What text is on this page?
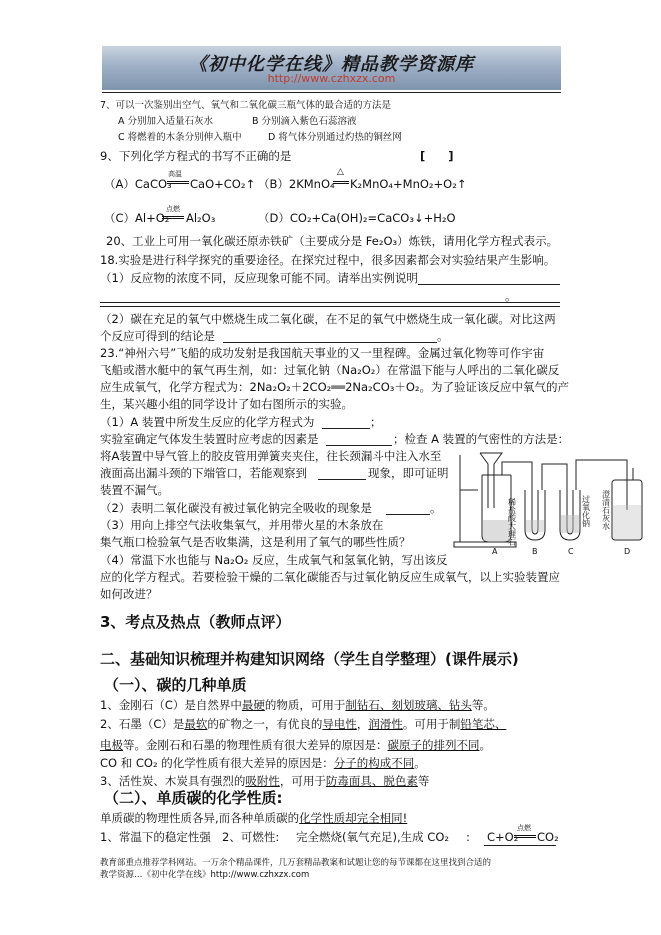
《初中化学在线》精品教学资源库
http://www.czhxzx.com
7、可以一次鉴别出空气、氧气和二氧化碳三瓶气体的最合适的方法是
A 分别加入适量石灰水	B 分别滴入紫色石蕊溶液
C 将燃着的木条分别伸入瓶中	D 将气体分别通过灼热的铜丝网
9、下列化学方程式的书写不正确的是	[　　]
（A）CaCO₃
高温
CaO+CO₂↑ （B）2KMnO₄
△
K₂MnO₄+MnO₂+O₂↑
（C）Al+O₂
点燃
Al₂O₃	（D）CO₂+Ca(OH)₂=CaCO₃↓+H₂O
20、工业上可用一氧化碳还原赤铁矿（主要成分是 Fe₂O₃）炼铁，请用化学方程式表示。
18.实验是进行科学探究的重要途径。在探究过程中，很多因素都会对实验结果产生影响。
（1）反应物的浓度不同，反应现象可能不同。请举出实例说明
。
（2）碳在充足的氧气中燃烧生成二氧化碳，在不足的氧气中燃烧生成一氧化碳。对比这两
个反应可得到的结论是	。
23.“神州六号”飞船的成功发射是我国航天事业的又一里程碑。金属过氧化物等可作宇宙
飞船或潜水艇中的氧气再生剂，如：过氧化钠（Na₂O₂）在常温下能与人呼出的二氧化碳反
应生成氧气，化学方程式为：2Na₂O₂＋2CO₂══2Na₂CO₃＋O₂。为了验证该反应中氧气的产
生，某兴趣小组的同学设计了如右图所示的实验。
（1）A 装置中所发生反应的化学方程式为	；
实验室确定气体发生装置时应考虑的因素是	；检查 A 装置的气密性的方法是：
将A装置中导气管上的胶皮管用弹簧夹夹住，往长颈漏斗中注入水至
液面高出漏斗颈的下端管口，若能观察到	现象，即可证明
装置不漏气。
（2）表明二氧化碳没有被过氧化钠完全吸收的现象是	。
（3）用向上排空气法收集氧气，并用带火星的木条放在
集气瓶口检验氧气是否收集满，这是利用了氧气的哪些性质？
（4）常温下水也能与 Na₂O₂ 反应，生成氧气和氢氧化钠，写出该反
应的化学方程式。若要检验干燥的二氧化碳能否与过氧化钠反应生成氧气，以上实验装置应
如何改进？
稀盐酸
大理石
过氧化钠 澄清石灰水
A	B	C	D
3、考点及热点（教师点评）
二、基础知识梳理并构建知识网络（学生自学整理）(课件展示)
（一）、碳的几种单质
1、金刚石（C）是自然界中最硬的物质，可用于制钻石、刻划玻璃、钻头等。
2、石墨（C）是最软的矿物之一，有优良的导电性，润滑性。可用于制铅笔芯、
电极等。金刚石和石墨的物理性质有很大差异的原因是：碳原子的排列不同。
CO 和 CO₂ 的化学性质有很大差异的原因是：分子的构成不同。
3、活性炭、木炭具有强烈的吸附性，可用于防毒面具、脱色素等
（二）、单质碳的化学性质:
单质碳的物理性质各异,而各种单质碳的化学性质却完全相同!
1、常温下的稳定性强 2、可燃性: 完全燃烧(氧气充足),生成 CO₂ : C+O₂
点燃
CO₂
教育部重点推荐学科网站。一万余个精品课件，几万套精品教案和试题让您的每节课都在这里找到合适的
教学资源…《初中化学在线》http://www.czhxzx.com
